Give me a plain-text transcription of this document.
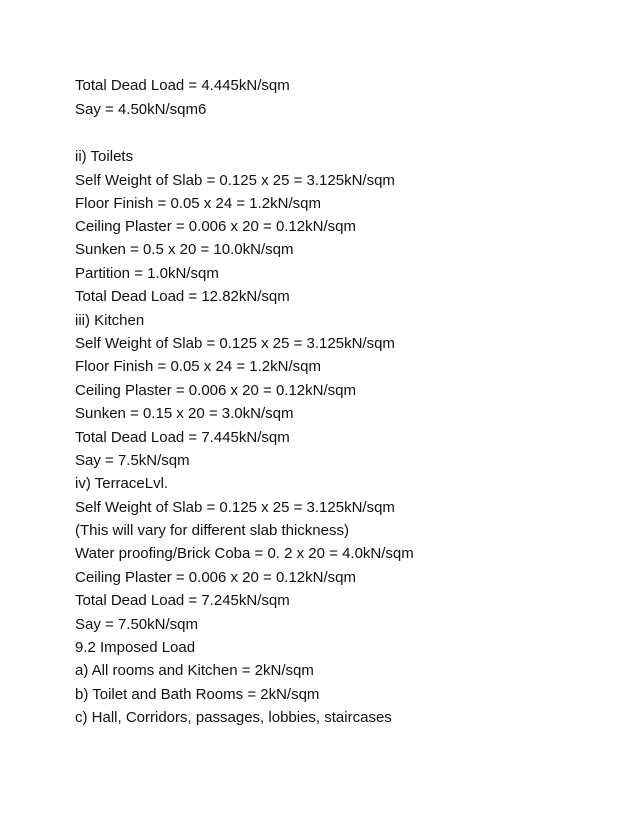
Total Dead Load = 4.445kN/sqm
Say = 4.50kN/sqm6
ii) Toilets
Self Weight of Slab = 0.125 x 25 = 3.125kN/sqm
Floor Finish = 0.05 x 24 = 1.2kN/sqm
Ceiling Plaster = 0.006 x 20 = 0.12kN/sqm
Sunken = 0.5 x 20 = 10.0kN/sqm
Partition = 1.0kN/sqm
Total Dead Load = 12.82kN/sqm
iii) Kitchen
Self Weight of Slab = 0.125 x 25 = 3.125kN/sqm
Floor Finish = 0.05 x 24 = 1.2kN/sqm
Ceiling Plaster = 0.006 x 20 = 0.12kN/sqm
Sunken = 0.15 x 20 = 3.0kN/sqm
Total Dead Load = 7.445kN/sqm
Say = 7.5kN/sqm
iv) TerraceLvl.
Self Weight of Slab = 0.125 x 25 = 3.125kN/sqm
(This will vary for different slab thickness)
Water proofing/Brick Coba = 0. 2 x 20 = 4.0kN/sqm
Ceiling Plaster = 0.006 x 20 = 0.12kN/sqm
Total Dead Load = 7.245kN/sqm
Say = 7.50kN/sqm
9.2 Imposed Load
a) All rooms and Kitchen = 2kN/sqm
b) Toilet and Bath Rooms = 2kN/sqm
c) Hall, Corridors, passages, lobbies, staircases
